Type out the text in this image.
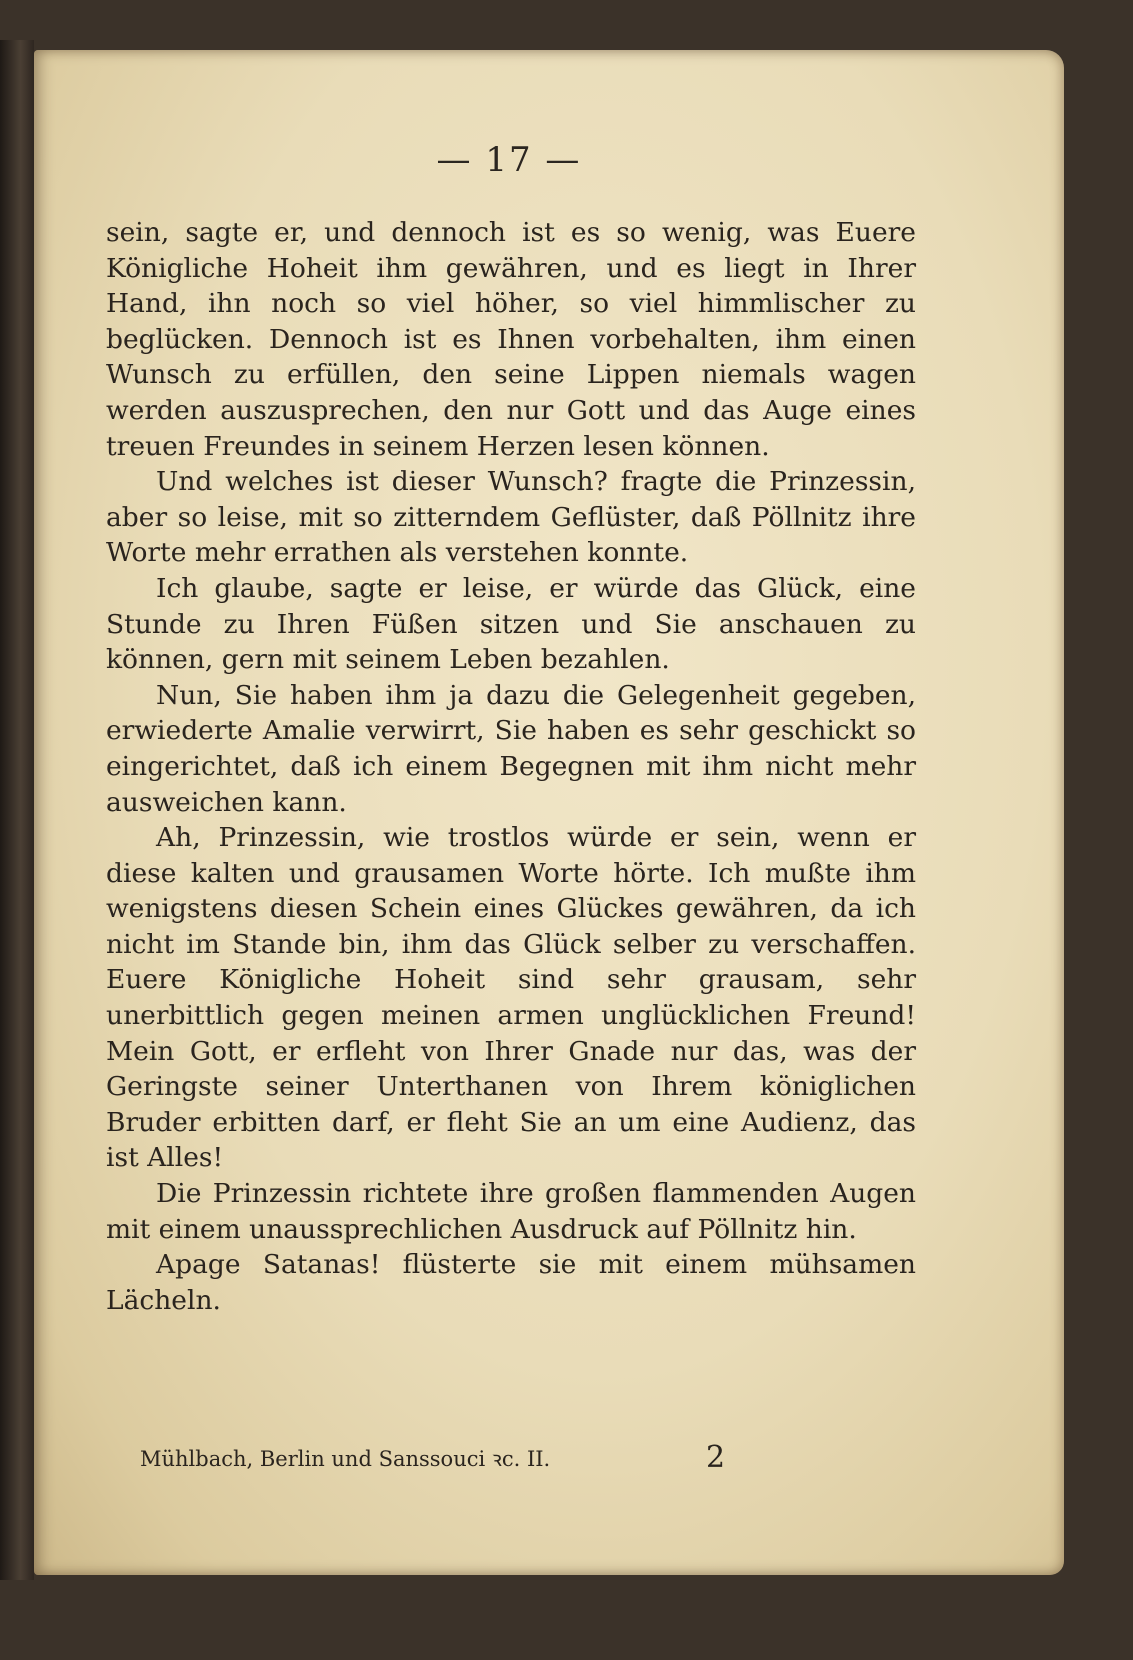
— 17 —

sein, sagte er, und dennoch ist es so wenig, was Euere Königliche Hoheit ihm gewähren, und es liegt in Ihrer Hand, ihn noch so viel höher, so viel himmlischer zu beglücken. Dennoch ist es Ihnen vorbehalten, ihm einen Wunsch zu erfüllen, den seine Lippen niemals wagen werden auszusprechen, den nur Gott und das Auge eines treuen Freundes in seinem Herzen lesen können.

Und welches ist dieser Wunsch? fragte die Prinzessin, aber so leise, mit so zitterndem Geflüster, daß Pöllnitz ihre Worte mehr errathen als verstehen konnte.

Ich glaube, sagte er leise, er würde das Glück, eine Stunde zu Ihren Füßen sitzen und Sie anschauen zu können, gern mit seinem Leben bezahlen.

Nun, Sie haben ihm ja dazu die Gelegenheit gegeben, erwiederte Amalie verwirrt, Sie haben es sehr geschickt so eingerichtet, daß ich einem Begegnen mit ihm nicht mehr ausweichen kann.

Ah, Prinzessin, wie trostlos würde er sein, wenn er diese kalten und grausamen Worte hörte. Ich mußte ihm wenigstens diesen Schein eines Glückes gewähren, da ich nicht im Stande bin, ihm das Glück selber zu verschaffen. Euere Königliche Hoheit sind sehr grausam, sehr unerbittlich gegen meinen armen unglücklichen Freund! Mein Gott, er erfleht von Ihrer Gnade nur das, was der Geringste seiner Unterthanen von Ihrem königlichen Bruder erbitten darf, er fleht Sie an um eine Audienz, das ist Alles!

Die Prinzessin richtete ihre großen flammenden Augen mit einem unaussprechlichen Ausdruck auf Pöllnitz hin.

Apage Satanas! flüsterte sie mit einem mühsamen Lächeln.

Mühlbach, Berlin und Sanssouci ꝛc. II.	2
